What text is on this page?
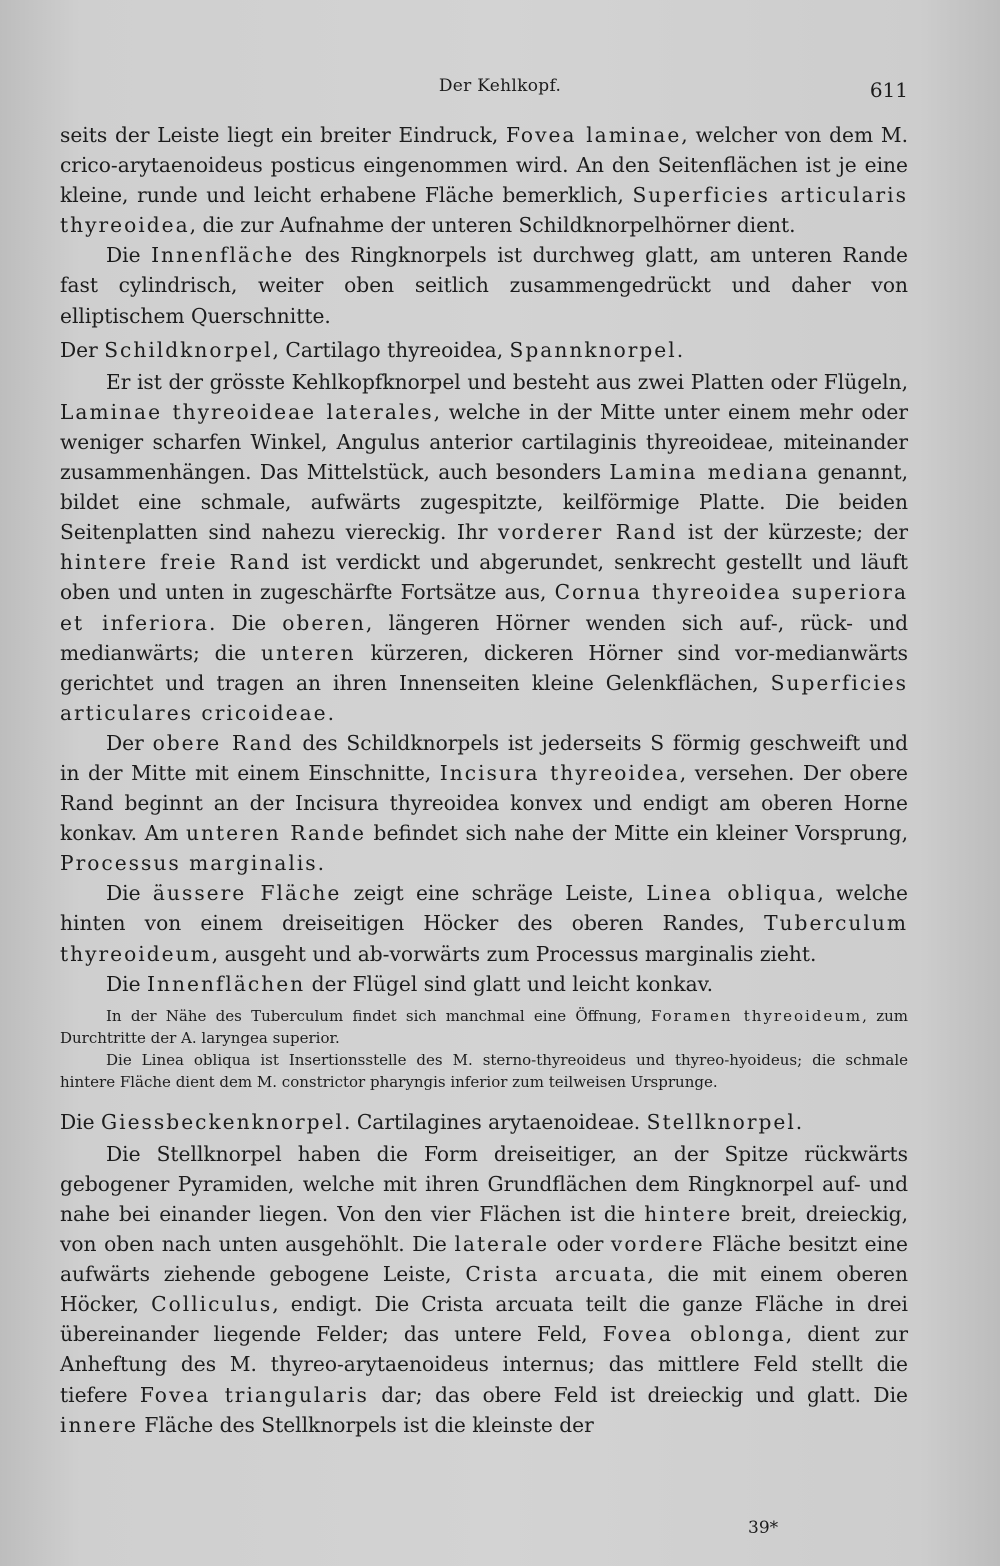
Der Kehlkopf.	611

seits der Leiste liegt ein breiter Eindruck, Fovea laminae, welcher von dem M. crico-arytaenoideus posticus eingenommen wird. An den Seitenflächen ist je eine kleine, runde und leicht erhabene Fläche bemerklich, Superficies articularis thyreoidea, die zur Aufnahme der unteren Schildknorpelhörner dient.

Die Innenfläche des Ringknorpels ist durchweg glatt, am unteren Rande fast cylindrisch, weiter oben seitlich zusammengedrückt und daher von elliptischem Querschnitte.

Der Schildknorpel, Cartilago thyreoidea, Spannknorpel.

Er ist der grösste Kehlkopfknorpel und besteht aus zwei Platten oder Flügeln, Laminae thyreoideae laterales, welche in der Mitte unter einem mehr oder weniger scharfen Winkel, Angulus anterior cartilaginis thyreoideae, miteinander zusammenhängen. Das Mittelstück, auch besonders Lamina mediana genannt, bildet eine schmale, aufwärts zugespitzte, keilförmige Platte. Die beiden Seitenplatten sind nahezu viereckig. Ihr vorderer Rand ist der kürzeste; der hintere freie Rand ist verdickt und abgerundet, senkrecht gestellt und läuft oben und unten in zugeschärfte Fortsätze aus, Cornua thyreoidea superiora et inferiora. Die oberen, längeren Hörner wenden sich auf-, rück- und medianwärts; die unteren kürzeren, dickeren Hörner sind vor-medianwärts gerichtet und tragen an ihren Innenseiten kleine Gelenkflächen, Superficies articulares cricoideae.

Der obere Rand des Schildknorpels ist jederseits S förmig geschweift und in der Mitte mit einem Einschnitte, Incisura thyreoidea, versehen. Der obere Rand beginnt an der Incisura thyreoidea konvex und endigt am oberen Horne konkav. Am unteren Rande befindet sich nahe der Mitte ein kleiner Vorsprung, Processus marginalis.

Die äussere Fläche zeigt eine schräge Leiste, Linea obliqua, welche hinten von einem dreiseitigen Höcker des oberen Randes, Tuberculum thyreoideum, ausgeht und ab-vorwärts zum Processus marginalis zieht.

Die Innenflächen der Flügel sind glatt und leicht konkav.

In der Nähe des Tuberculum findet sich manchmal eine Öffnung, Foramen thyreoideum, zum Durchtritte der A. laryngea superior.

Die Linea obliqua ist Insertionsstelle des M. sterno-thyreoideus und thyreo-hyoideus; die schmale hintere Fläche dient dem M. constrictor pharyngis inferior zum teilweisen Ursprunge.

Die Giessbeckenknorpel. Cartilagines arytaenoideae. Stellknorpel.

Die Stellknorpel haben die Form dreiseitiger, an der Spitze rückwärts gebogener Pyramiden, welche mit ihren Grundflächen dem Ringknorpel auf- und nahe bei einander liegen. Von den vier Flächen ist die hintere breit, dreieckig, von oben nach unten ausgehöhlt. Die laterale oder vordere Fläche besitzt eine aufwärts ziehende gebogene Leiste, Crista arcuata, die mit einem oberen Höcker, Colliculus, endigt. Die Crista arcuata teilt die ganze Fläche in drei übereinander liegende Felder; das untere Feld, Fovea oblonga, dient zur Anheftung des M. thyreo-arytaenoideus internus; das mittlere Feld stellt die tiefere Fovea triangularis dar; das obere Feld ist dreieckig und glatt. Die innere Fläche des Stellknorpels ist die kleinste der

39*
